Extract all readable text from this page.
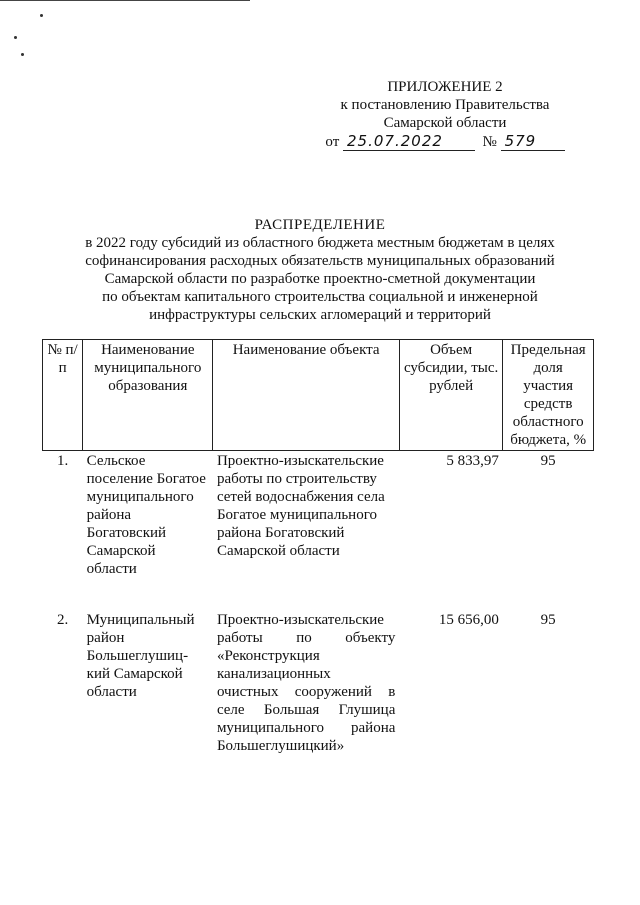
ПРИЛОЖЕНИЕ 2
к постановлению Правительства
Самарской области
от 25.07.2022	№ 579
РАСПРЕДЕЛЕНИЕ
в 2022 году субсидий из областного бюджета местным бюджетам в целях
софинансирования расходных обязательств муниципальных образований
Самарской области по разработке проектно-сметной документации
по объектам капитального строительства социальной и инженерной
инфраструктуры сельских агломераций и территорий
№ п/п	Наименование муниципального образования	Наименование объекта	Объем субсидии, тыс. рублей	Предельная доля участия средств областного бюджета, %
1.	Сельское поселение Богатое муниципального района Богатовский Самарской области	Проектно-изыскательские работы по строительству сетей водоснабжения села Богатое муниципального района Богатовский Самарской области	5 833,97	95
2.	Муниципальный район Большеглушиц-кий Самарской области	Проектно-изыскательские работы по объекту «Реконструкция канализационных очистных сооружений в селе Большая Глушица муниципального района Большеглушицкий»	15 656,00	95
